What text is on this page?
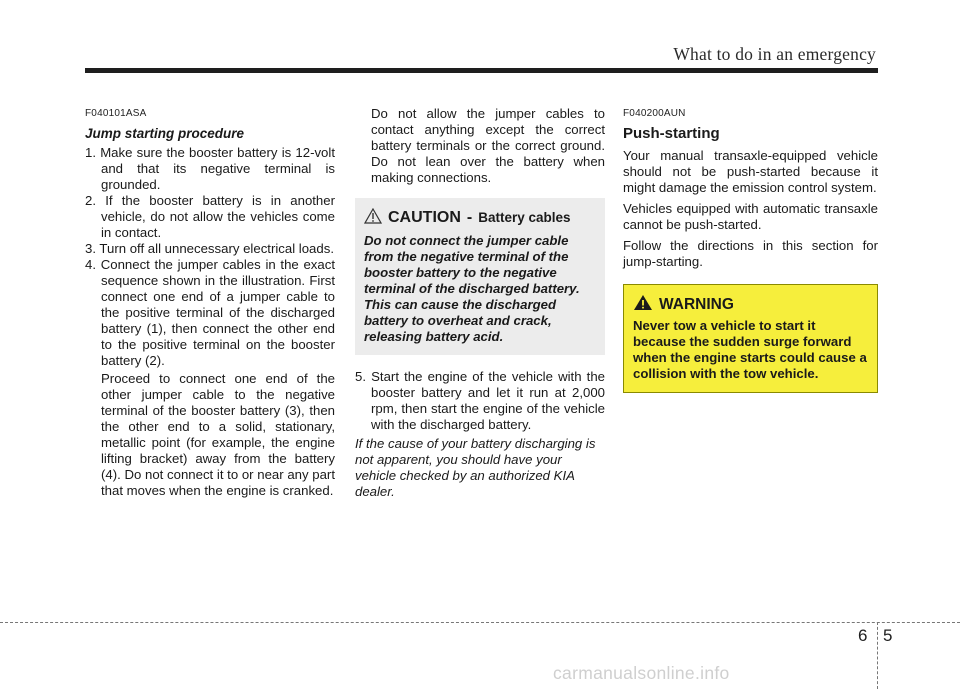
What to do in an emergency

F040101ASA

Jump starting procedure

1. Make sure the booster battery is 12-volt and that its negative terminal is grounded.
2. If the booster battery is in another vehicle, do not allow the vehicles come in contact.
3. Turn off all unnecessary electrical loads.
4. Connect the jumper cables in the exact sequence shown in the illustration. First connect one end of a jumper cable to the positive terminal of the discharged battery (1), then connect the other end to the positive terminal on the booster battery (2).

Proceed to connect one end of the other jumper cable to the negative terminal of the booster battery (3), then the other end to a solid, stationary, metallic point (for example, the engine lifting bracket) away from the battery (4). Do not connect it to or near any part that moves when the engine is cranked.

Do not allow the jumper cables to contact anything except the correct battery terminals or the correct ground. Do not lean over the battery when making connections.

CAUTION - Battery cables

Do not connect the jumper cable from the negative terminal of the booster battery to the negative terminal of the discharged battery. This can cause the discharged battery to overheat and crack, releasing battery acid.

5. Start the engine of the vehicle with the booster battery and let it run at 2,000 rpm, then start the engine of the vehicle with the discharged battery.

If the cause of your battery discharging is not apparent, you should have your vehicle checked by an authorized KIA dealer.

F040200AUN

Push-starting

Your manual transaxle-equipped vehicle should not be push-started because it might damage the emission control system.

Vehicles equipped with automatic transaxle cannot be push-started.

Follow the directions in this section for jump-starting.

WARNING

Never tow a vehicle to start it because the sudden surge forward when the engine starts could cause a collision with the tow vehicle.

6 5
carmanualsonline.info
